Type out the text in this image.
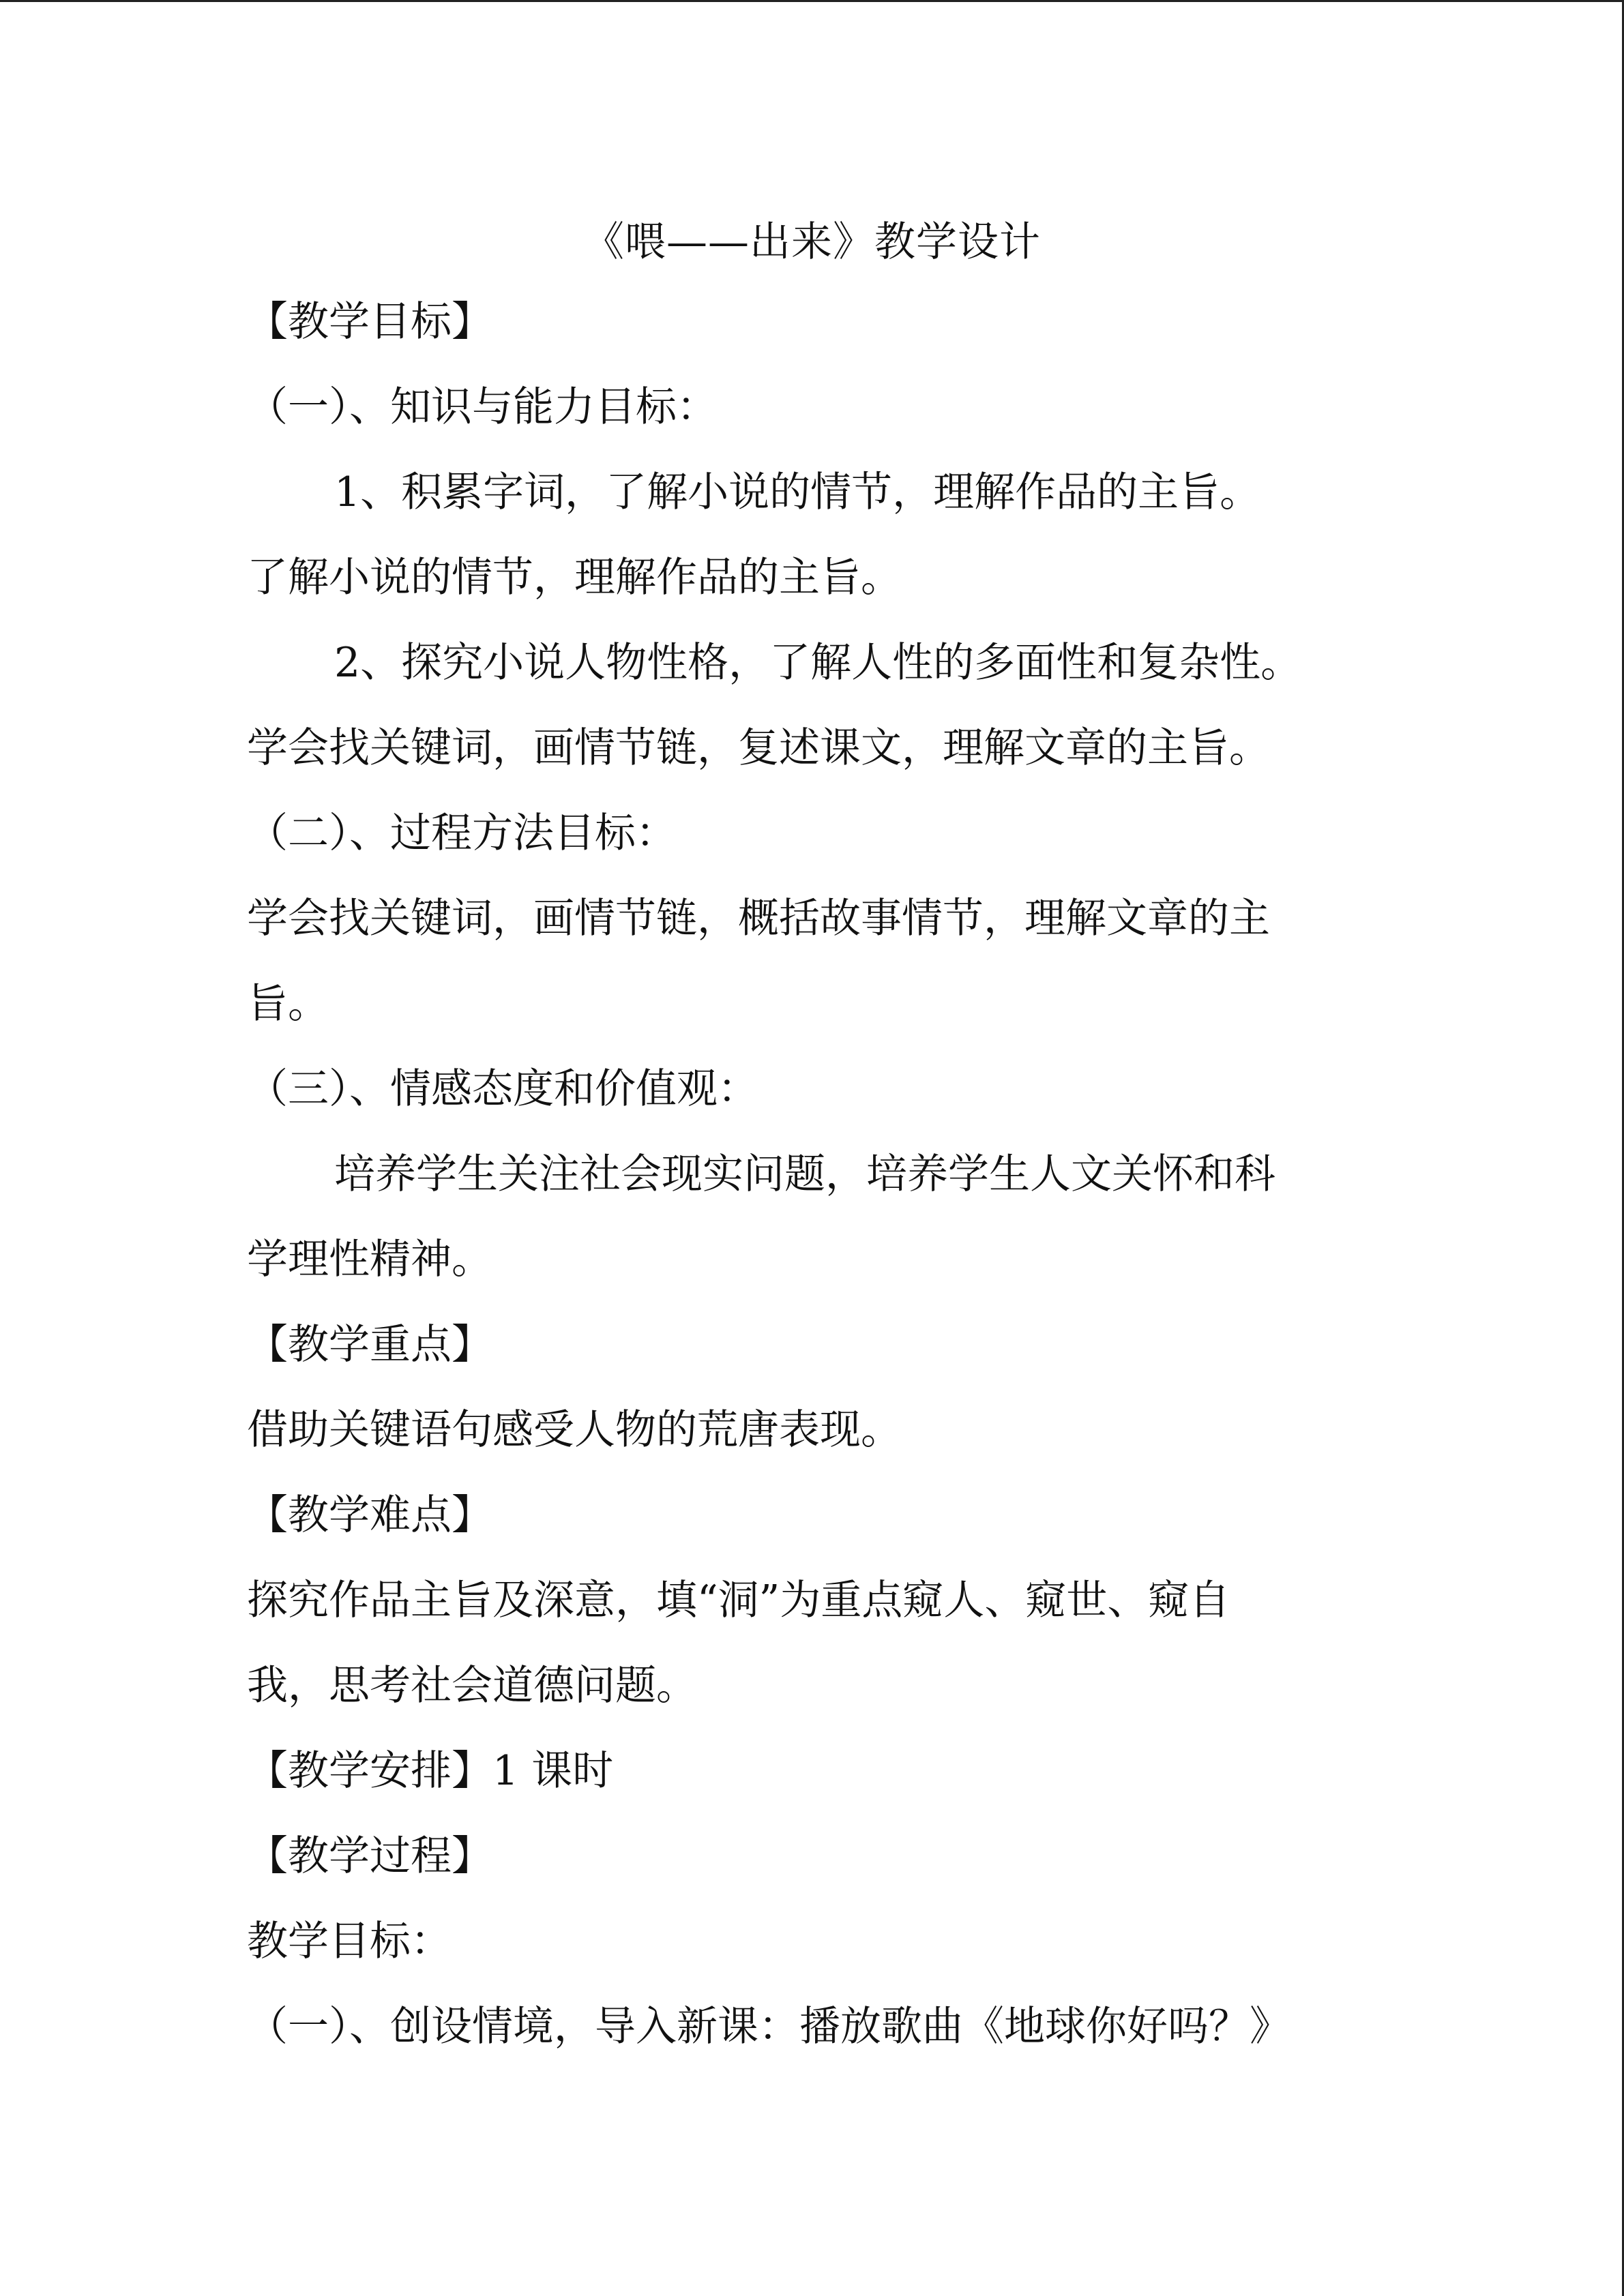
《喂——出来》教学设计
【教学目标】
（一）、知识与能力目标：
1、积累字词，了解小说的情节，理解作品的主旨。
了解小说的情节，理解作品的主旨。
2、探究小说人物性格，了解人性的多面性和复杂性。
学会找关键词，画情节链，复述课文，理解文章的主旨。
（二）、过程方法目标：
学会找关键词，画情节链，概括故事情节，理解文章的主
旨。
（三）、情感态度和价值观：
培养学生关注社会现实问题，培养学生人文关怀和科
学理性精神。
【教学重点】
借助关键语句感受人物的荒唐表现。
【教学难点】
探究作品主旨及深意，填“洞”为重点窥人、窥世、窥自
我，思考社会道德问题。
【教学安排】1 课时
【教学过程】
教学目标：
（一）、创设情境，导入新课：播放歌曲《地球你好吗？》
